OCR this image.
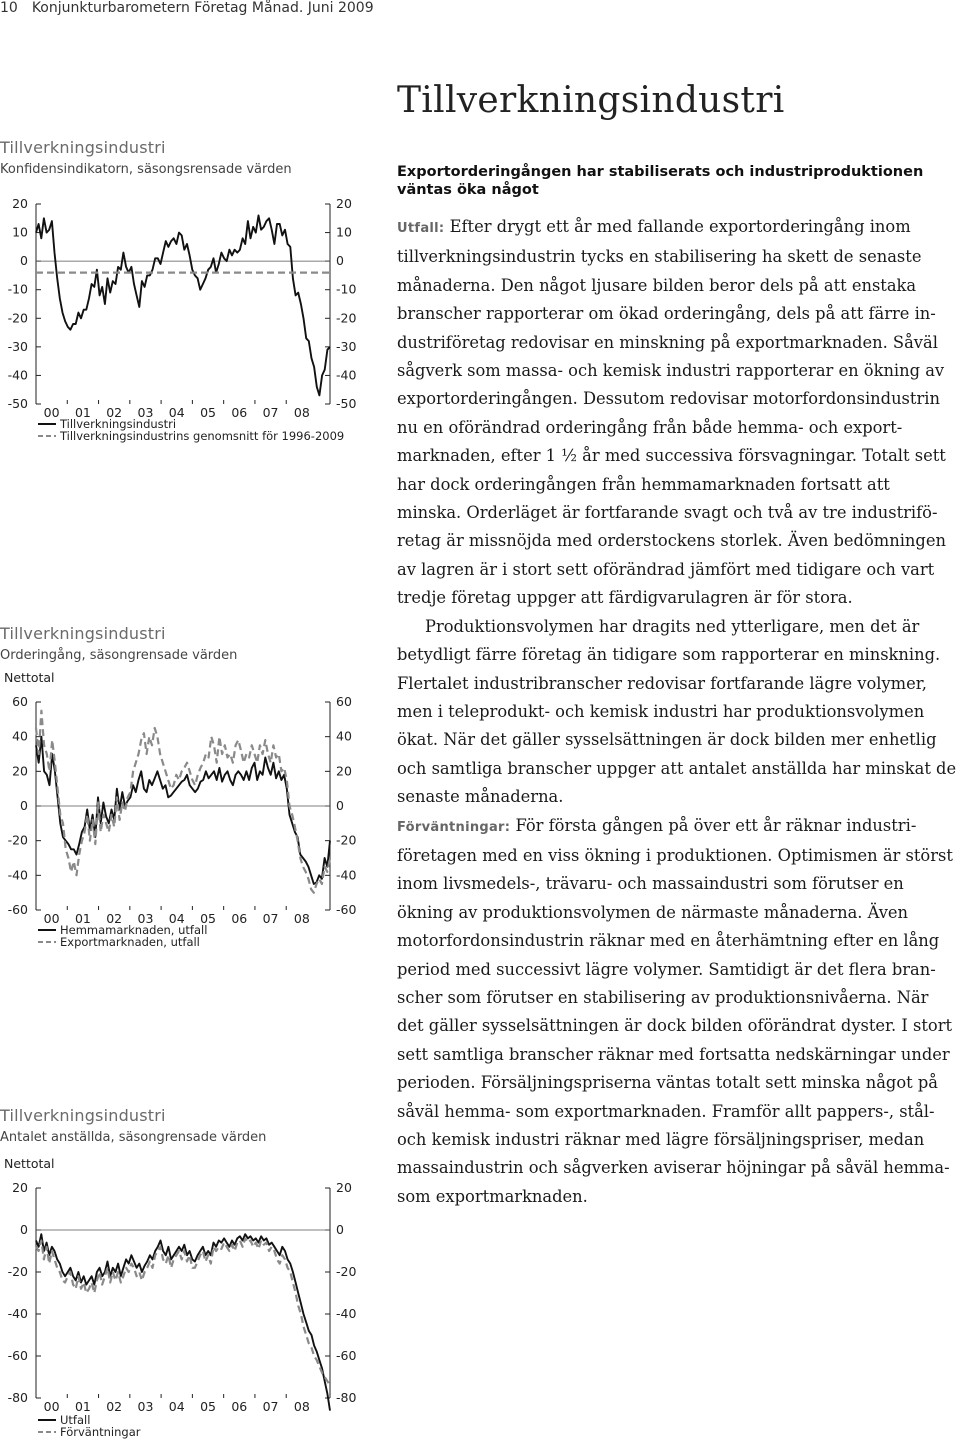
10 Konjunkturbarometern Företag Månad. Juni 2009
Tillverkningsindustri
Konfidensindikatorn, säsongsrensade värden
20	20
10	10
0	0
-10	-10
-20	-20
-30	-30
-40	-40
-50	-50
00 01 02 03 04 05 06 07 08
Tillverkningsindustri
Tillverkningsindustrins genomsnitt för 1996-2009
Tillverkningsindustri
Orderingång, säsongrensade värden
Nettotal
60	60
40	40
20	20
0	0
-20	-20
-40	-40
-60	-60
00 01 02 03 04 05 06 07 08
Hemmamarknaden, utfall
Exportmarknaden, utfall
Tillverkningsindustri
Antalet anställda, säsongrensade värden
Nettotal
20	20
0	0
-20	-20
-40	-40
-60	-60
-80	-80
00 01 02 03 04 05 06 07 08
Utfall
Förväntningar
Tillverkningsindustri
Exportorderingången har stabiliserats och industriproduktionen väntas öka något

Utfall: Efter drygt ett år med fallande exportorderingång inom tillverkningsindustrin tycks en stabilisering ha skett de senaste månaderna. Den något ljusare bilden beror dels på att enstaka branscher rapporterar om ökad orderingång, dels på att färre industriföretag redovisar en minskning på exportmarknaden. Såväl sågverk som massa- och kemisk industri rapporterar en ökning av exportorderingången. Dessutom redovisar motorfordonsindustrin nu en oförändrad orderingång från både hemma- och exportmarknaden, efter 1 ½ år med successiva försvagningar. Totalt sett har dock orderingången från hemmamarknaden fortsatt att minska. Orderläget är fortfarande svagt och två av tre industriföretag är missnöjda med orderstockens storlek. Även bedömningen av lagren är i stort sett oförändrad jämfört med tidigare och vart tredje företag uppger att färdigvarulagren är för stora.

Produktionsvolymen har dragits ned ytterligare, men det är betydligt färre företag än tidigare som rapporterar en minskning. Flertalet industribranscher redovisar fortfarande lägre volymer, men i teleprodukt- och kemisk industri har produktionsvolymen ökat. När det gäller sysselsättningen är dock bilden mer enhetlig och samtliga branscher uppger att antalet anställda har minskat de senaste månaderna.

Förväntningar: För första gången på över ett år räknar industriföretagen med en viss ökning i produktionen. Optimismen är störst inom livsmedels-, trävaru- och massaindustri som förutser en ökning av produktionsvolymen de närmaste månaderna. Även motorfordonsindustrin räknar med en återhämtning efter en lång period med successivt lägre volymer. Samtidigt är det flera branscher som förutser en stabilisering av produktionsnivåerna. När det gäller sysselsättningen är dock bilden oförändrat dyster. I stort sett samtliga branscher räknar med fortsatta nedskärningar under perioden. Försäljningspriserna väntas totalt sett minska något på såväl hemma- som exportmarknaden. Framför allt pappers-, stål- och kemisk industri räknar med lägre försäljningspriser, medan massaindustrin och sågverken aviserar höjningar på såväl hemmasom exportmarknaden.
